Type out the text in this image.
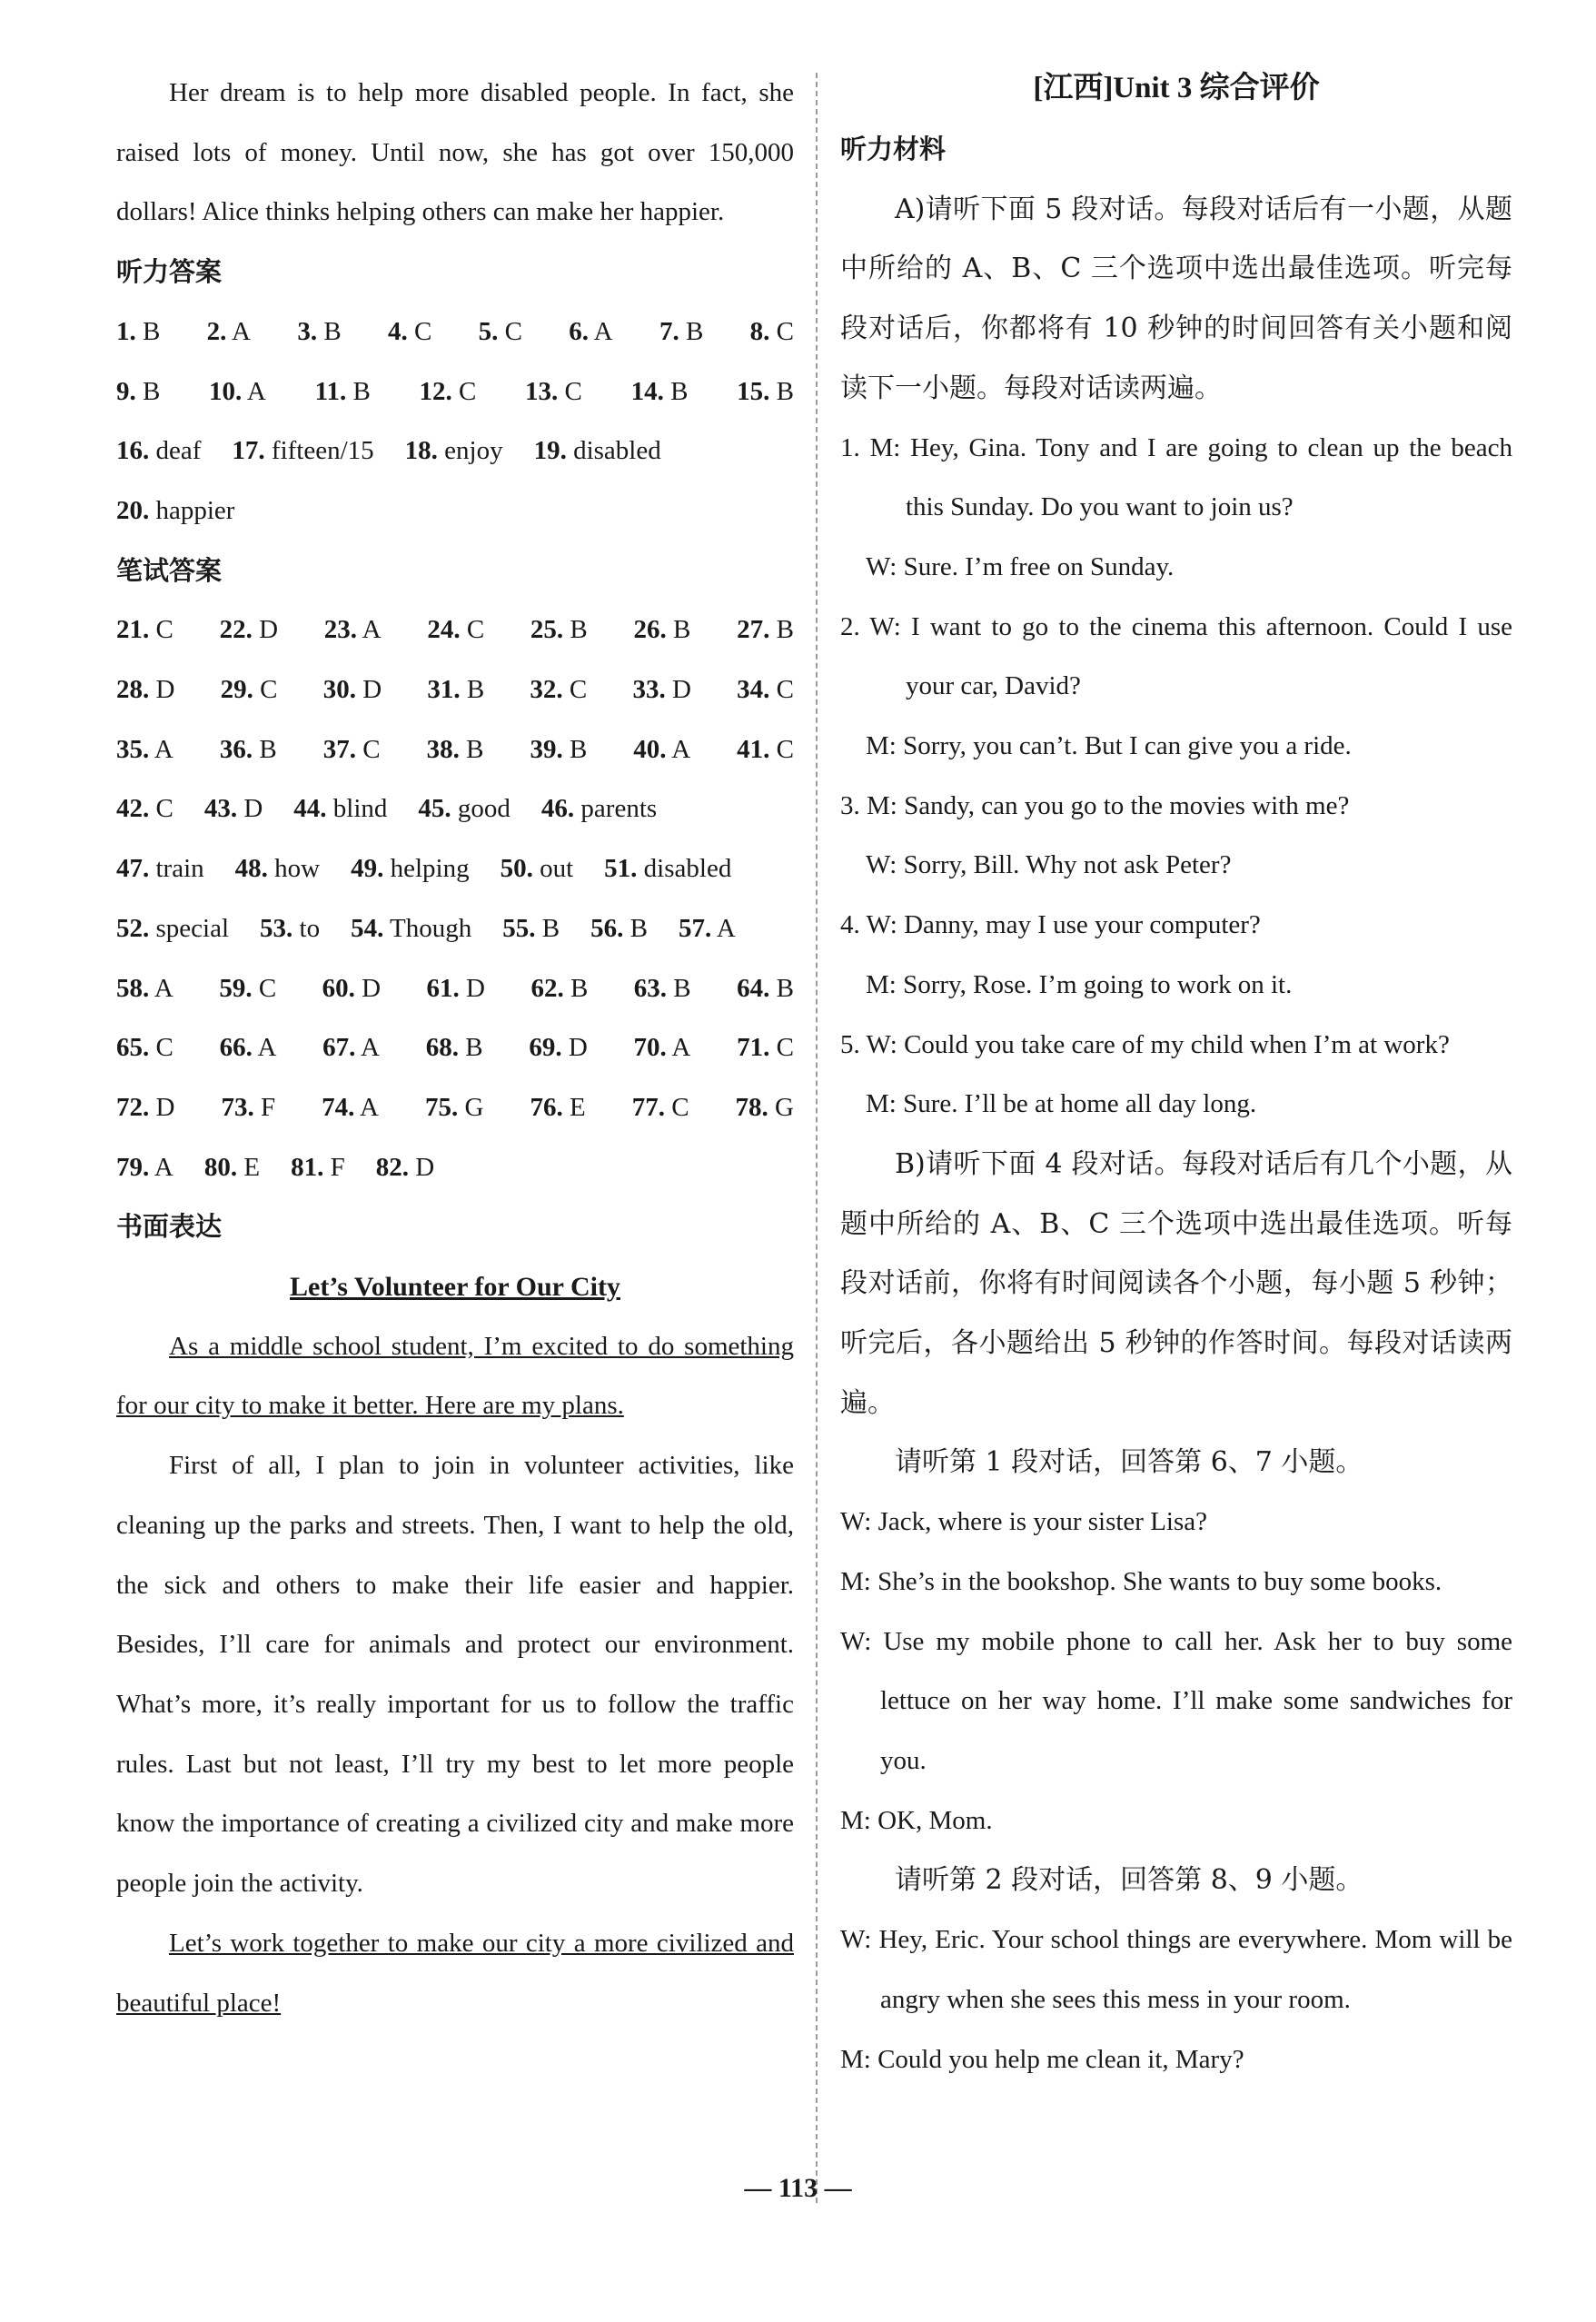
Her dream is to help more disabled people. In fact, she raised lots of money. Until now, she has got over 150,000 dollars! Alice thinks helping others can make her happier.

听力答案

1. B 2. A 3. B 4. C 5. C 6. A 7. B 8. C
9. B 10. A 11. B 12. C 13. C 14. B 15. B
16. deaf 17. fifteen/15 18. enjoy 19. disabled
20. happier

笔试答案

21. C 22. D 23. A 24. C 25. B 26. B 27. B
28. D 29. C 30. D 31. B 32. C 33. D 34. C
35. A 36. B 37. C 38. B 39. B 40. A 41. C
42. C 43. D 44. blind 45. good 46. parents
47. train 48. how 49. helping 50. out 51. disabled
52. special 53. to 54. Though 55. B 56. B 57. A
58. A 59. C 60. D 61. D 62. B 63. B 64. B
65. C 66. A 67. A 68. B 69. D 70. A 71. C
72. D 73. F 74. A 75. G 76. E 77. C 78. G
79. A 80. E 81. F 82. D

书面表达

Let’s Volunteer for Our City

As a middle school student, I’m excited to do something for our city to make it better. Here are my plans.

First of all, I plan to join in volunteer activities, like cleaning up the parks and streets. Then, I want to help the old, the sick and others to make their life easier and happier. Besides, I’ll care for animals and protect our environment. What’s more, it’s really important for us to follow the traffic rules. Last but not least, I’ll try my best to let more people know the importance of creating a civilized city and make more people join the activity.

Let’s work together to make our city a more civilized and beautiful place!

[江西]Unit 3 综合评价

听力材料

A)请听下面 5 段对话。每段对话后有一小题，从题中所给的 A、B、C 三个选项中选出最佳选项。听完每段对话后，你都将有 10 秒钟的时间回答有关小题和阅读下一小题。每段对话读两遍。

1. M: Hey, Gina. Tony and I are going to clean up the beach this Sunday. Do you want to join us?

W: Sure. I’m free on Sunday.

2. W: I want to go to the cinema this afternoon. Could I use your car, David?

M: Sorry, you can’t. But I can give you a ride.

3. M: Sandy, can you go to the movies with me?

W: Sorry, Bill. Why not ask Peter?

4. W: Danny, may I use your computer?

M: Sorry, Rose. I’m going to work on it.

5. W: Could you take care of my child when I’m at work?

M: Sure. I’ll be at home all day long.

B)请听下面 4 段对话。每段对话后有几个小题，从题中所给的 A、B、C 三个选项中选出最佳选项。听每段对话前，你将有时间阅读各个小题，每小题 5 秒钟；听完后，各小题给出 5 秒钟的作答时间。每段对话读两遍。

请听第 1 段对话，回答第 6、7 小题。

W: Jack, where is your sister Lisa?

M: She’s in the bookshop. She wants to buy some books.

W: Use my mobile phone to call her. Ask her to buy some lettuce on her way home. I’ll make some sandwiches for you.

M: OK, Mom.

请听第 2 段对话，回答第 8、9 小题。

W: Hey, Eric. Your school things are everywhere. Mom will be angry when she sees this mess in your room.

M: Could you help me clean it, Mary?

— 113 —
